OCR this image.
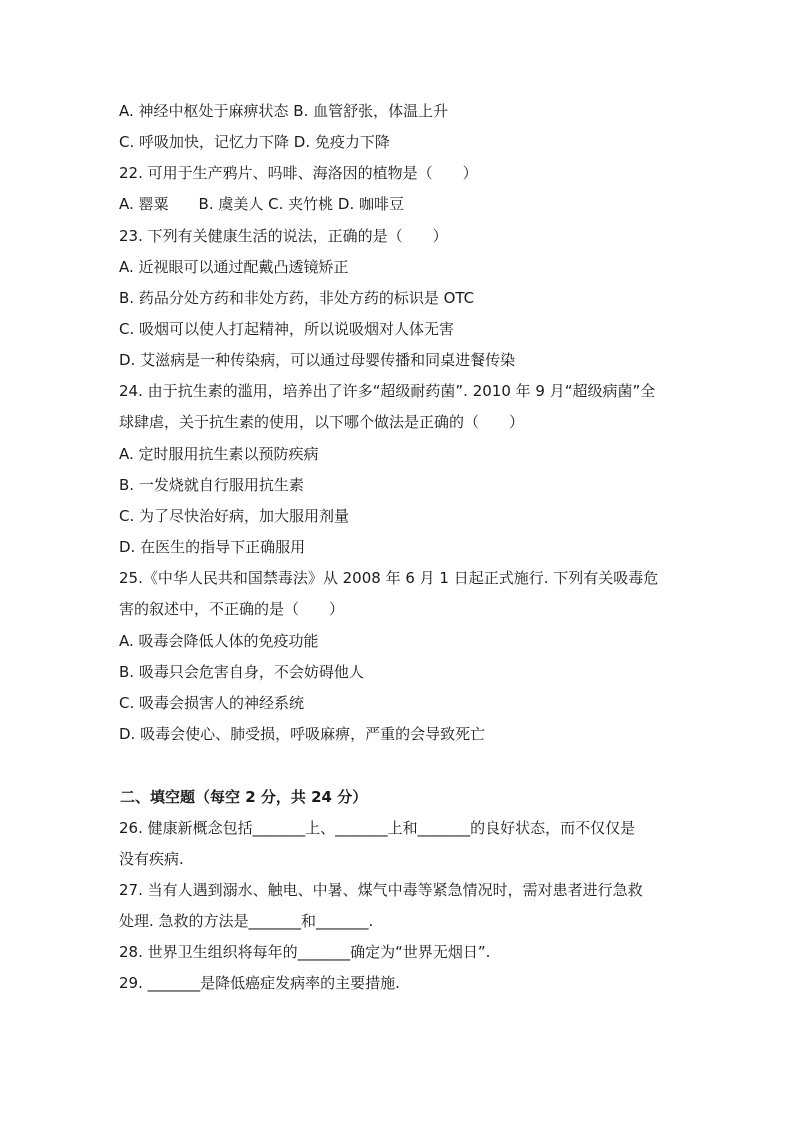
A. 神经中枢处于麻痹状态 B. 血管舒张，体温上升
C. 呼吸加快，记忆力下降 D. 免疫力下降
22. 可用于生产鸦片、吗啡、海洛因的植物是（　　）
A. 罂粟　　B. 虞美人 C. 夹竹桃 D. 咖啡豆
23. 下列有关健康生活的说法，正确的是（　　）
A. 近视眼可以通过配戴凸透镜矫正
B. 药品分处方药和非处方药，非处方药的标识是 OTC
C. 吸烟可以使人打起精神，所以说吸烟对人体无害
D. 艾滋病是一种传染病，可以通过母婴传播和同桌进餐传染
24. 由于抗生素的滥用，培养出了许多“超级耐药菌”. 2010 年 9 月“超级病菌”全
球肆虐，关于抗生素的使用，以下哪个做法是正确的（　　）
A. 定时服用抗生素以预防疾病
B. 一发烧就自行服用抗生素
C. 为了尽快治好病，加大服用剂量
D. 在医生的指导下正确服用
25.《中华人民共和国禁毒法》从 2008 年 6 月 1 日起正式施行. 下列有关吸毒危
害的叙述中，不正确的是（　　）
A. 吸毒会降低人体的免疫功能
B. 吸毒只会危害自身，不会妨碍他人
C. 吸毒会损害人的神经系统
D. 吸毒会使心、肺受损，呼吸麻痹，严重的会导致死亡
二、填空题（每空 2 分，共 24 分）
26. 健康新概念包括_______上、_______上和_______的良好状态，而不仅仅是
没有疾病.
27. 当有人遇到溺水、触电、中暑、煤气中毒等紧急情况时，需对患者进行急救
处理. 急救的方法是_______和_______.
28. 世界卫生组织将每年的_______确定为“世界无烟日”.
29. _______是降低癌症发病率的主要措施.
